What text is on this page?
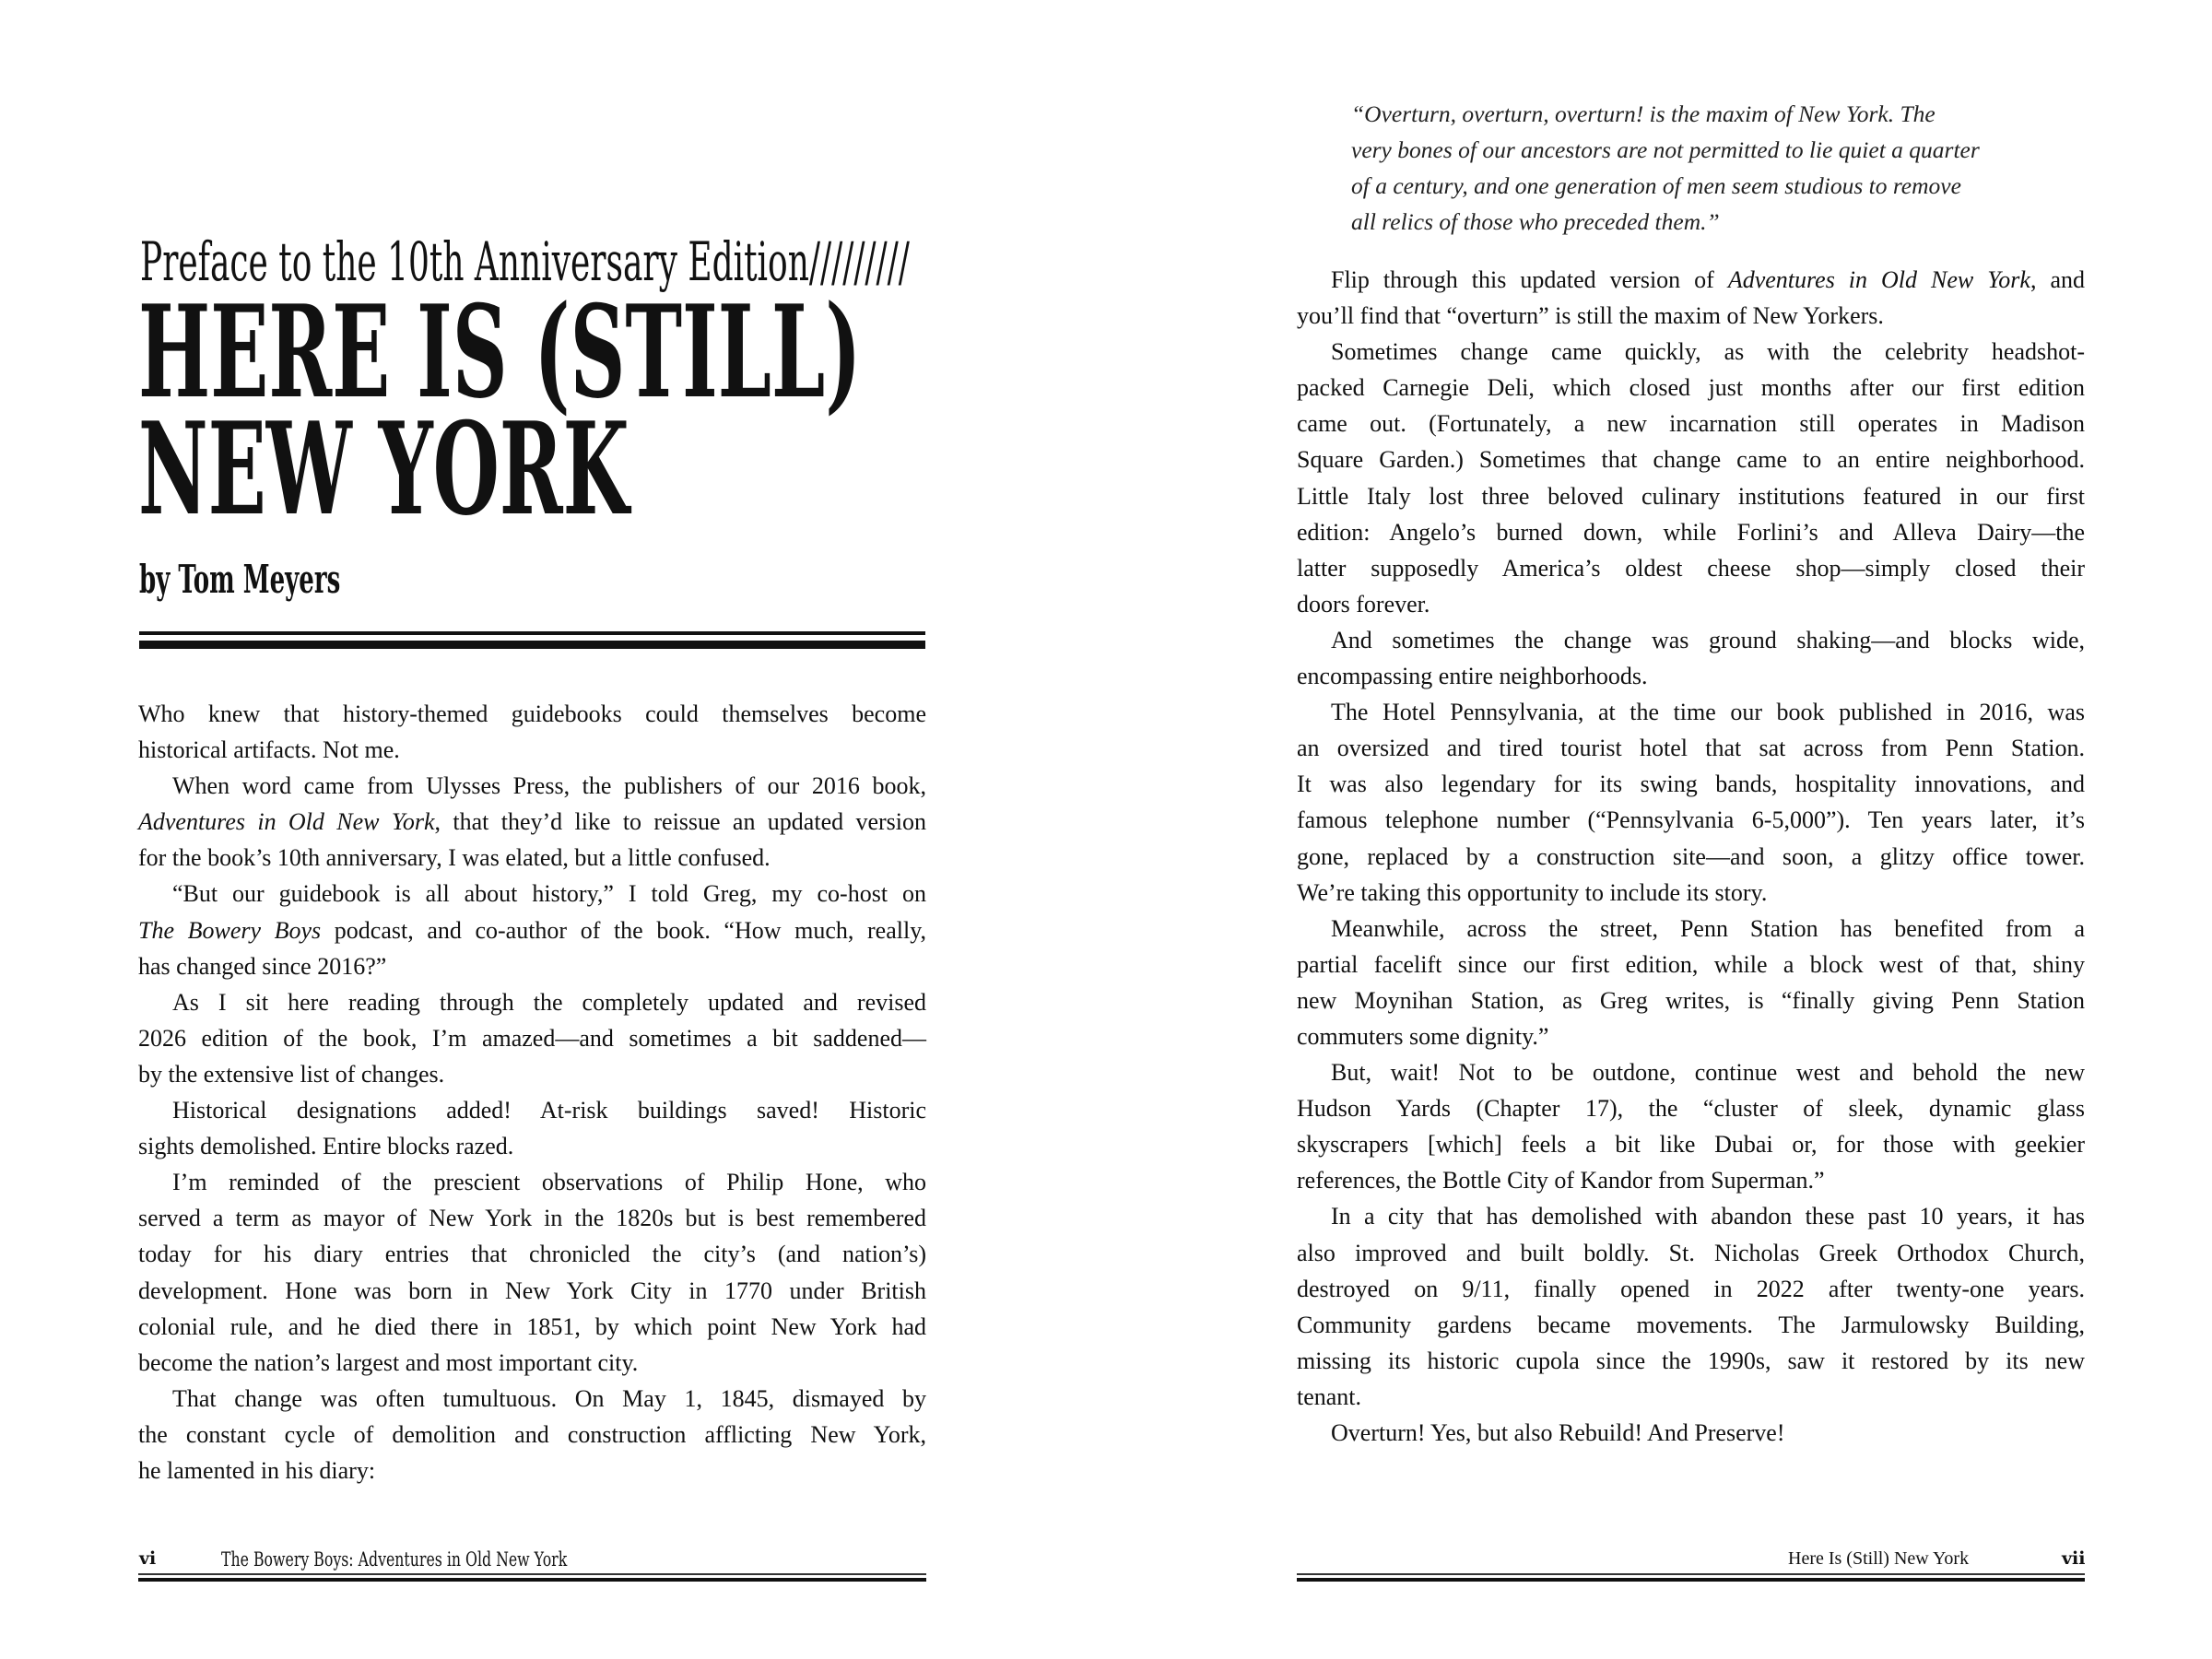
Preface to the 10th Anniversary Edition/////////
HERE IS (STILL)
NEW YORK
by Tom Meyers
Who knew that history-themed guidebooks could themselves become
historical artifacts. Not me.
When word came from Ulysses Press, the publishers of our 2016 book,
Adventures in Old New York, that they’d like to reissue an updated version
for the book’s 10th anniversary, I was elated, but a little confused.
“But our guidebook is all about history,” I told Greg, my co-host on
The Bowery Boys podcast, and co-author of the book. “How much, really,
has changed since 2016?”
As I sit here reading through the completely updated and revised
2026 edition of the book, I’m amazed—and sometimes a bit saddened—
by the extensive list of changes.
Historical designations added! At-risk buildings saved! Historic
sights demolished. Entire blocks razed.
I’m reminded of the prescient observations of Philip Hone, who
served a term as mayor of New York in the 1820s but is best remembered
today for his diary entries that chronicled the city’s (and nation’s)
development. Hone was born in New York City in 1770 under British
colonial rule, and he died there in 1851, by which point New York had
become the nation’s largest and most important city.
That change was often tumultuous. On May 1, 1845, dismayed by
the constant cycle of demolition and construction afflicting New York,
he lamented in his diary:
vi	The Bowery Boys: Adventures in Old New York
“Overturn, overturn, overturn! is the maxim of New York. The
very bones of our ancestors are not permitted to lie quiet a quarter
of a century, and one generation of men seem studious to remove
all relics of those who preceded them.”
Flip through this updated version of Adventures in Old New York, and
you’ll find that “overturn” is still the maxim of New Yorkers.
Sometimes change came quickly, as with the celebrity headshot-
packed Carnegie Deli, which closed just months after our first edition
came out. (Fortunately, a new incarnation still operates in Madison
Square Garden.) Sometimes that change came to an entire neighborhood.
Little Italy lost three beloved culinary institutions featured in our first
edition: Angelo’s burned down, while Forlini’s and Alleva Dairy—the
latter supposedly America’s oldest cheese shop—simply closed their
doors forever.
And sometimes the change was ground shaking—and blocks wide,
encompassing entire neighborhoods.
The Hotel Pennsylvania, at the time our book published in 2016, was
an oversized and tired tourist hotel that sat across from Penn Station.
It was also legendary for its swing bands, hospitality innovations, and
famous telephone number (“Pennsylvania 6-5,000”). Ten years later, it’s
gone, replaced by a construction site—and soon, a glitzy office tower.
We’re taking this opportunity to include its story.
Meanwhile, across the street, Penn Station has benefited from a
partial facelift since our first edition, while a block west of that, shiny
new Moynihan Station, as Greg writes, is “finally giving Penn Station
commuters some dignity.”
But, wait! Not to be outdone, continue west and behold the new
Hudson Yards (Chapter 17), the “cluster of sleek, dynamic glass
skyscrapers [which] feels a bit like Dubai or, for those with geekier
references, the Bottle City of Kandor from Superman.”
In a city that has demolished with abandon these past 10 years, it has
also improved and built boldly. St. Nicholas Greek Orthodox Church,
destroyed on 9/11, finally opened in 2022 after twenty-one years.
Community gardens became movements. The Jarmulowsky Building,
missing its historic cupola since the 1990s, saw it restored by its new
tenant.
Overturn! Yes, but also Rebuild! And Preserve!
Here Is (Still) New York	vii
